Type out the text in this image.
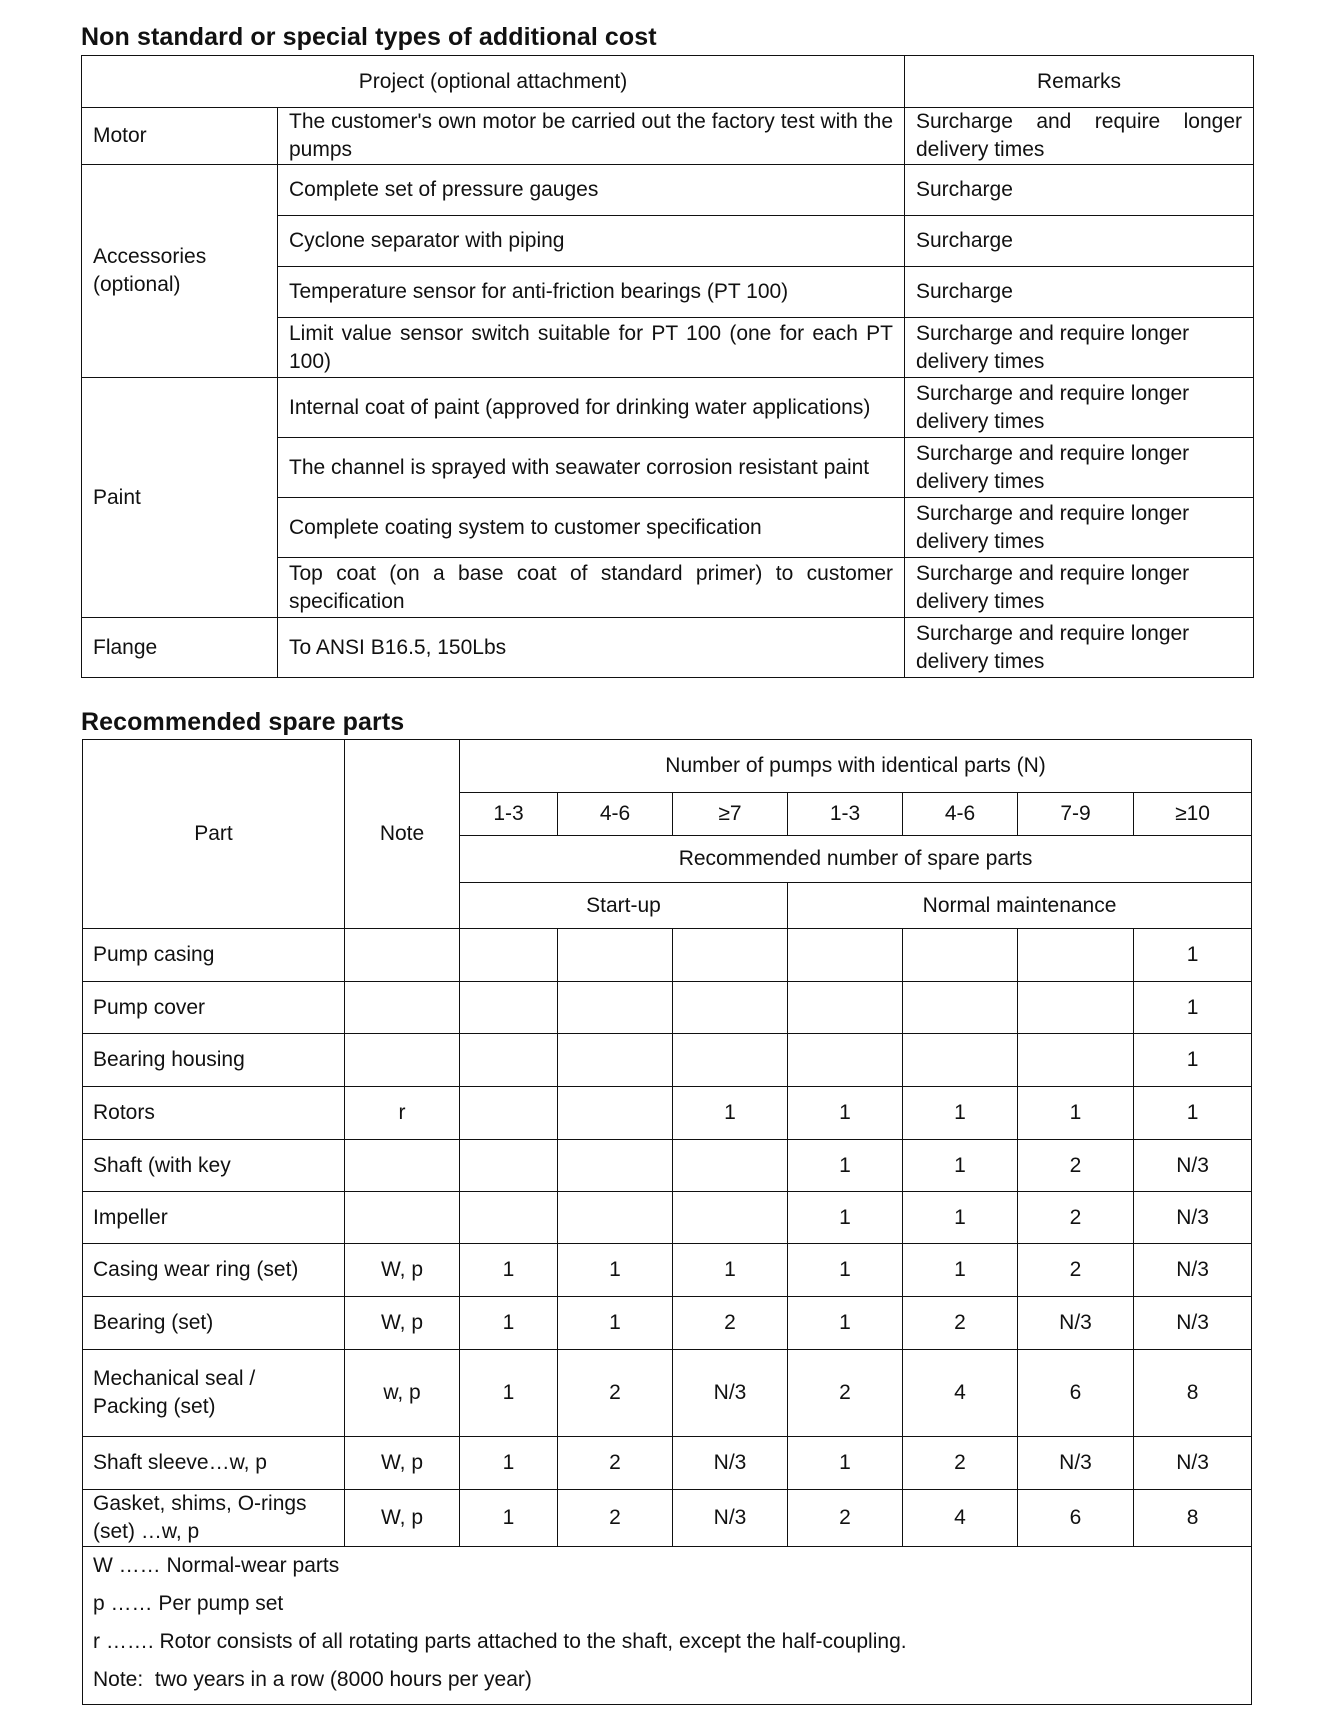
Non standard or special types of additional cost
Project (optional attachment)		Remarks
Motor	The customer's own motor be carried out the factory test with the pumps	Surcharge and require longer delivery times
Accessories (optional)	Complete set of pressure gauges	Surcharge
	Cyclone separator with piping	Surcharge
	Temperature sensor for anti-friction bearings (PT 100)	Surcharge
	Limit value sensor switch suitable for PT 100 (one for each PT 100)	Surcharge and require longer delivery times
Paint	Internal coat of paint (approved for drinking water applications)	Surcharge and require longer delivery times
	The channel is sprayed with seawater corrosion resistant paint	Surcharge and require longer delivery times
	Complete coating system to customer specification	Surcharge and require longer delivery times
	Top coat (on a base coat of standard primer) to customer specification	Surcharge and require longer delivery times
Flange	To ANSI B16.5, 150Lbs	Surcharge and require longer delivery times
Recommended spare parts
Part	Note	Number of pumps with identical parts (N)						
		1-3	4-6	≥7	1-3	4-6	7-9	≥10
		Recommended number of spare parts						
		Start-up			Normal maintenance			
Pump casing								1
Pump cover								1
Bearing housing								1
Rotors	r			1	1	1	1	1
Shaft (with key					1	1	2	N/3
Impeller					1	1	2	N/3
Casing wear ring (set)	W, p	1	1	1	1	1	2	N/3
Bearing (set)	W, p	1	1	2	1	2	N/3	N/3
Mechanical seal / Packing (set)	w, p	1	2	N/3	2	4	6	8
Shaft sleeve…w, p	W, p	1	2	N/3	1	2	N/3	N/3
Gasket, shims, O-rings (set) …w, p	W, p	1	2	N/3	2	4	6	8

W …… Normal-wear parts
p …… Per pump set
r ……. Rotor consists of all rotating parts attached to the shaft, except the half-coupling.
Note:  two years in a row (8000 hours per year)								
